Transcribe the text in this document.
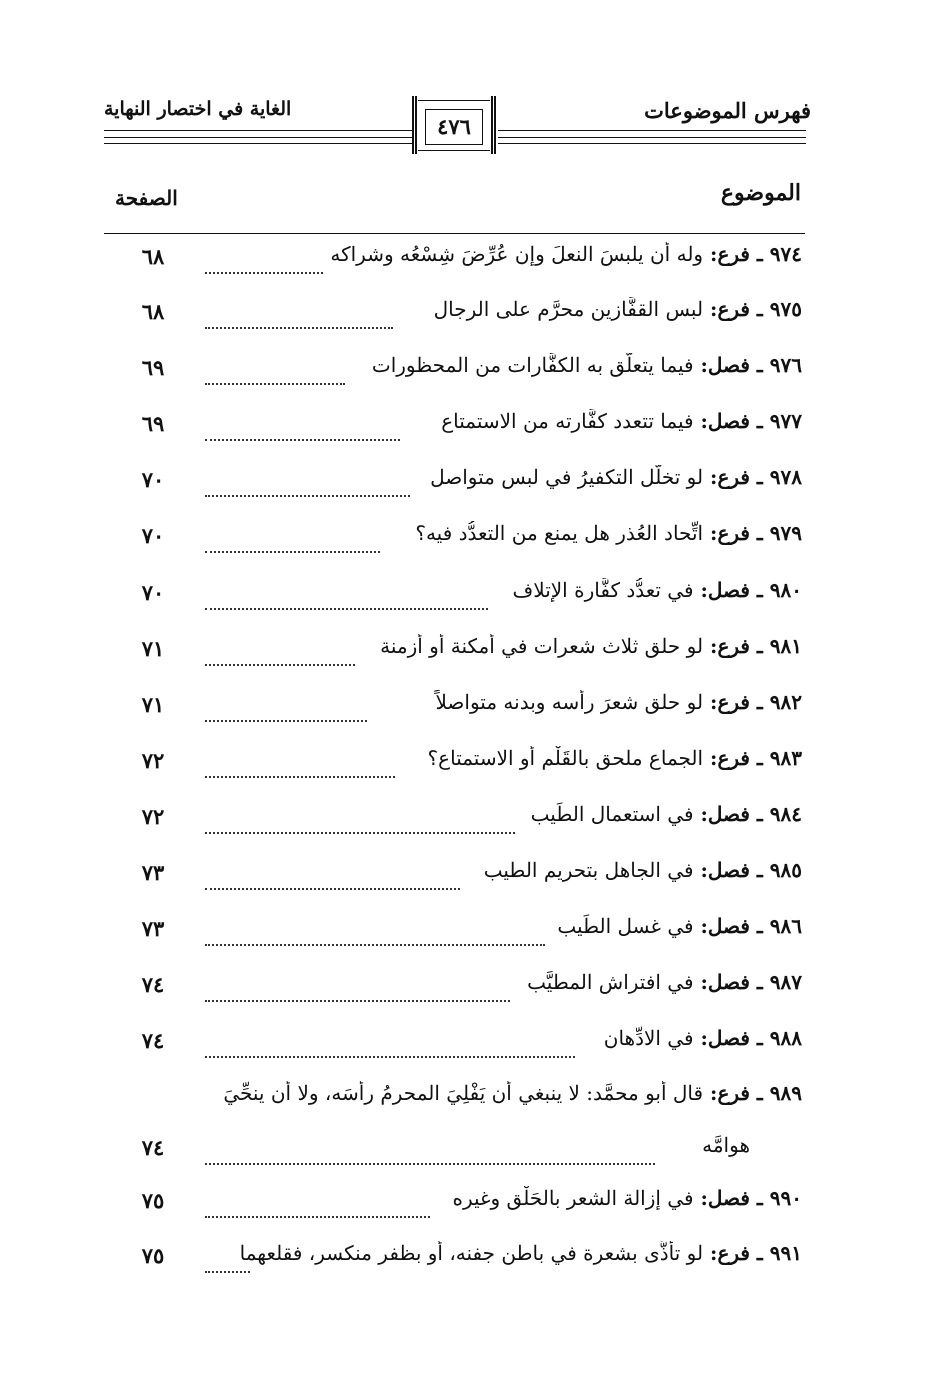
الغاية في اختصار النهاية	فهرس الموضوعات
٤٧٦
الموضوع
الصفحة
٩٧٤ ـ فرع: وله أن يلبسَ النعلَ وإن عُرِّضَ شِسْعُه وشراكه
٦٨
٩٧٥ ـ فرع: لبس القفَّازين محرَّم على الرجال
٦٨
٩٧٦ ـ فصل: فيما يتعلَّق به الكفَّارات من المحظورات
٦٩
٩٧٧ ـ فصل: فيما تتعدد كفَّارته من الاستمتاع
٦٩
٩٧٨ ـ فرع: لو تخلَّل التكفيرُ في لبس متواصل
٧٠
٩٧٩ ـ فرع: اتِّحاد العُذر هل يمنع من التعدُّد فيه؟
٧٠
٩٨٠ ـ فصل: في تعدُّد كفَّارة الإتلاف
٧٠
٩٨١ ـ فرع: لو حلق ثلاث شعرات في أمكنة أو أزمنة
٧١
٩٨٢ ـ فرع: لو حلق شعرَ رأسه وبدنه متواصلاً
٧١
٩٨٣ ـ فرع: الجماع ملحق بالقَلْم أو الاستمتاع؟
٧٢
٩٨٤ ـ فصل: في استعمال الطِّيب
٧٢
٩٨٥ ـ فصل: في الجاهل بتحريم الطيب
٧٣
٩٨٦ ـ فصل: في غسل الطِّيب
٧٣
٩٨٧ ـ فصل: في افتراش المطيَّب
٧٤
٩٨٨ ـ فصل: في الادِّهان
٧٤
٩٨٩ ـ فرع: قال أبو محمَّد: لا ينبغي أن يَفْلِيَ المحرمُ رأسَه، ولا أن ينحِّيَ
هوامَّه
٧٤
٩٩٠ ـ فصل: في إزالة الشعر بالحَلْق وغيره
٧٥
٩٩١ ـ فرع: لو تأذَّى بشعرة في باطن جفنه، أو بظفر منكسر، فقلعهما
٧٥
